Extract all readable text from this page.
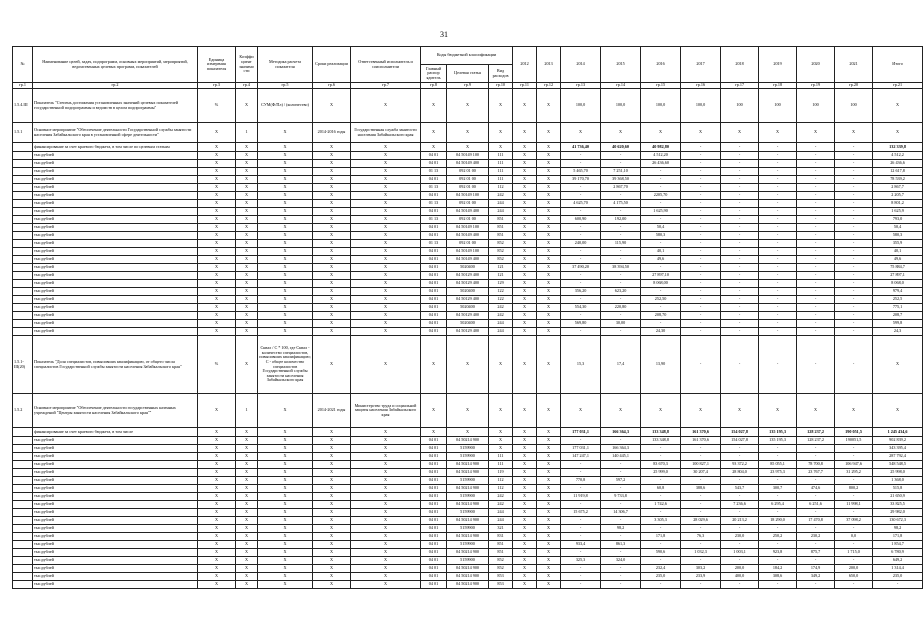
31
№	Наименование целей, задач, подпрограмм, основных мероприятий, мероприятий, ведомственных целевых программ, показателей	Единица измерения показателя	Коэффи циент значимо сти	Методика расчета показателя	Сроки реализации	Ответственный исполнитель и соисполнители	Коды бюджетной классификации			2012	2013	2014	2015	2016	2017	2018	2019	2020	2021	Итого	
							Главный распор ядитель	Целевая статья	Вид расходов												
гр.1	гр.2	гр.3	гр.4	гр.5	гр.6	гр.7	гр.8	гр.9	гр.10	гр.11	гр.12	гр.13	гр.14	гр.15	гр.16	гр.17	гр.18	гр.19	гр.20	гр.21	
1.5.4.III	Показатель "Степень достижения установленных значений целевых показателей государственной подпрограммы и ведомств в целом подпрограммы"	%	Х	СУМ(Ф/Пл) / (количество)	Х	Х	Х	Х	Х	Х	Х	100,0	100,0	100,0	100,0	100	100	100	100	Х	
1.5.1	Основное мероприятие "Обеспечение деятельности Государственной службы занятости населения Забайкальского края в установленной сфере деятельности"	Х	1	Х	2014-2016 годы	Государственная служба занятости населения Забайкальского края	Х	Х	Х	Х	Х	Х	Х	Х	Х	Х	Х	Х	Х	Х	
	финансирование за счет краевого бюджета, в том числе по целевым статьям	Х	Х	Х	Х	Х	Х	Х	Х	Х	Х	41 736,40	40 620,60	40 982,80	-	-	-	-	-	132 339,8	
	тыс.рублей	Х	Х	Х	Х	Х	04 01	04 50149 100	111	Х	Х	-	-	4 512,20	-	-	-	-	-	4 512,2	
	тыс.рублей	Х	Х	Х	Х	Х	04 01	04 50149 400	111	Х	Х	-	-	26 436,60	-	-	-	-	-	26 436,6	
	тыс.рублей	Х	Х	Х	Х	Х	01 13	092 01 00	111	Х	Х	5 465,70	7 251,10	-	-	-	-	-	-	12 617,8	
	тыс.рублей	Х	Х	Х	Х	Х	04 01	092 01 00	111	Х	Х	39 170,70	39 368,50	-	-	-	-	-	-	78 539,2	
	тыс.рублей	Х	Х	Х	Х	Х	01 13	092 01 00	112	Х	Х	-	2 867,70	-	-	-	-	-	-	2 867,7	
	тыс.рублей	Х	Х	Х	Х	Х	04 01	04 50149 100	242	Х	Х	-	-	2205,70	-	-	-	-	-	2 205,7	
	тыс.рублей	Х	Х	Х	Х	Х	01 13	092 01 00	244	Х	Х	4 625,70	4 175,50	-	-	-	-	-	-	8 801,2	
	тыс.рублей	Х	Х	Х	Х	Х	04 01	04 50149 400	244	Х	Х	-	-	1 625,90	-	-	-	-	-	1 625,9	
	тыс.рублей	Х	Х	Х	Х	Х	01 13	092 01 00	851	Х	Х	600,90	192,00	-	-	-	-	-	-	793,0	
	тыс.рублей	Х	Х	Х	Х	Х	04 01	04 50149 100	851	Х	Х	-	-	50,4	-	-	-	-	-	50,4	
	тыс.рублей	Х	Х	Х	Х	Х	04 01	04 50149 400	851	Х	Х	-	-	580,3	-	-	-	-	-	580,3	
	тыс.рублей	Х	Х	Х	Х	Х	01 13	092 01 00	852	Х	Х	240,00	115,90	-	-	-	-	-	-	355,9	
	тыс.рублей	Х	Х	Х	Х	Х	04 01	04 50149 100	852	Х	Х	-	-	40,1	-	-	-	-	-	40,1	
	тыс.рублей	Х	Х	Х	Х	Х	04 01	04 50149 400	852	Х	Х	-	-	49,6	-	-	-	-	-	49,6	
	тыс.рублей	Х	Х	Х	Х	Х	04 01	5020400	121	Х	Х	37 490,20	38 394,50	-	-	-	-	-	-	75 884,7	
	тыс.рублей	Х	Х	Х	Х	Х	04 01	04 50129 400	121	Х	Х	-	-	27 897,10	-	-	-	-	-	27 897,1	
	тыс.рублей	Х	Х	Х	Х	Х	04 01	04 50129 400	129	Х	Х	-	-	8 068,00	-	-	-	-	-	8 068,0	
	тыс.рублей	Х	Х	Х	Х	Х	04 01	5020400	122	Х	Х	356,20	623,20	-	-	-	-	-	-	979,4	
	тыс.рублей	Х	Х	Х	Х	Х	04 01	04 50129 400	122	Х	Х	-	-	252,50	-	-	-	-	-	252,5	
	тыс.рублей	Х	Х	Х	Х	Х	04 01	5020400	242	Х	Х	554,30	220,80	-	-	-	-	-	-	775,1	
	тыс.рублей	Х	Х	Х	Х	Х	04 01	04 50129 400	242	Х	Х	-	-	208,70	-	-	-	-	-	208,7	
	тыс.рублей	Х	Х	Х	Х	Х	04 01	5020400	244	Х	Х	569,80	30,00	-	-	-	-	-	-	599,8	
	тыс.рублей	Х	Х	Х	Х	Х	04 01	04 50129 400	244	Х	Х	-	-	24,30	-	-	-	-	-	24,3	
1.5.1-III(20)	Показатель "Доля специалистов, повысивших квалификацию, от общего числа специалистов Государственной службы занятости населения Забайкальского края"	%	Х	Сквал / С * 100, где Сквал - количество специалистов, повысивших квалификацию; С - общее количество специалистов Государственной службы занятости населения Забайкальского края	Х	Х	Х	Х	Х	Х	Х	15,3	17,4	13,90	-	-	-	-	-	Х	
1.5.2	Основное мероприятие "Обеспечение деятельности государственных казенных учреждений "Центры занятости населения Забайкальского края""	Х	1	Х	2014-2021 годы	Министерство труда и социальной защиты населения Забайкальского края	Х	Х	Х	Х	Х	Х	Х	Х	Х	Х	Х	Х	Х	Х	
	финансирование за счет краевого бюджета, в том числе	Х	Х	Х	Х	Х	Х	Х	Х	Х	Х	177 031,1	166 364,3	133 348,8	161 370,6	154 027,8	135 195,3	128 237,2	190 051,5	1 245 434,6	
	тыс.рублей	Х	Х	Х	Х	Х	04 01	04 50214 900	Х	Х	Х	-	-	133 348,8	161 370,6	154 027,8	135 195,3	128 237,2	190051,5	902 839,2	
	тыс.рублей	Х	Х	Х	Х	Х	04 01	5159900	Х	Х	Х	177 031,1	166 364,3	-	-	-	-	-	-	343 395,4	
	тыс.рублей	Х	Х	Х	Х	Х	04 01	5159900	111	Х	Х	147 247,1	140 445,1	-	-	-	-	-	-	287 792,4	
	тыс.рублей	Х	Х	Х	Х	Х	04 01	04 50214 900	111	Х	Х	-	-	83 670,3	100 827,1	93 372,2	85 055,1	78 700,8	106 947,6	548 548,5	
	тыс.рублей	Х	Х	Х	Х	Х	04 01	04 50214 900	119	Х	Х	-	-	25 999,0	30 207,4	28 804,0	23 975,3	23 767,7	31 295,2	25 998,0	
	тыс.рублей	Х	Х	Х	Х	Х	04 01	5159900	112	Х	Х	770,8	597,2	-	-	-	-	-	-	1 368,0	
	тыс.рублей	Х	Х	Х	Х	Х	04 01	04 50214 900	112	Х	Х	-	-	60,8	388,6	543,7	300,7	474,6	800,2	515,8	
	тыс.рублей	Х	Х	Х	Х	Х	04 01	5159900	242	Х	Х	11 919,8	9 733,8	-	-	-	-	-	-	21 650,9	
	тыс.рублей	Х	Х	Х	Х	Х	04 01	04 50214 900	242	Х	Х	-	-	1 742,6	-	7 236,6	6 295,4	6 251,6	11 998,1	33 825,5	
	тыс.рублей	Х	Х	Х	Х	Х	04 01	5159900	244	Х	Х	15 675,2	14 306,7	-	-	-	-	-	-	29 982,0	
	тыс.рублей	Х	Х	Х	Х	Х	04 01	04 50214 900	244	Х	Х	-	-	3 305,3	28 029,6	20 213,2	18 290,0	17 470,8	37 098,2	130 672,3	
	тыс.рублей	Х	Х	Х	Х	Х	04 01	5159900	321	Х	Х	-	98,2	-	-	-	-	-	-	98,2	
	тыс.рублей	Х	Х	Х	Х	Х	04 01	04 50214 900	831	Х	Х	-	-	171,8	76,3	230,0	250,2	230,2	0,0	171,8	
	тыс.рублей	Х	Х	Х	Х	Х	04 01	5159900	851	Х	Х	933,4	861,3	-	-	-	-	-	-	1 854,7	
	тыс.рублей	Х	Х	Х	Х	Х	04 01	04 50214 900	851	Х	Х	-	-	590,6	1 032,3	1 003,1	923,8	875,7	1 715,0	6 780,9	
	тыс.рублей	Х	Х	Х	Х	Х	04 01	5159900	852	Х	Х	325,3	324,0	-	-	-	-	-	-	649,2	
	тыс.рублей	Х	Х	Х	Х	Х	04 01	04 50214 900	852	Х	Х	-	-	232,4	303,2	200,0	184,2	174,9	200,0	1 314,4	
	тыс.рублей	Х	Х	Х	Х	Х	04 01	04 50214 900	853	Х	Х	-	-	235,0	233,9	400,0	308,6	349,2	650,0	235,0	
	тыс.рублей	Х	Х	Х	Х	Х	04 01	04 50214 900	853	Х	Х	-	-	-	-	-	-	-	-	-	
